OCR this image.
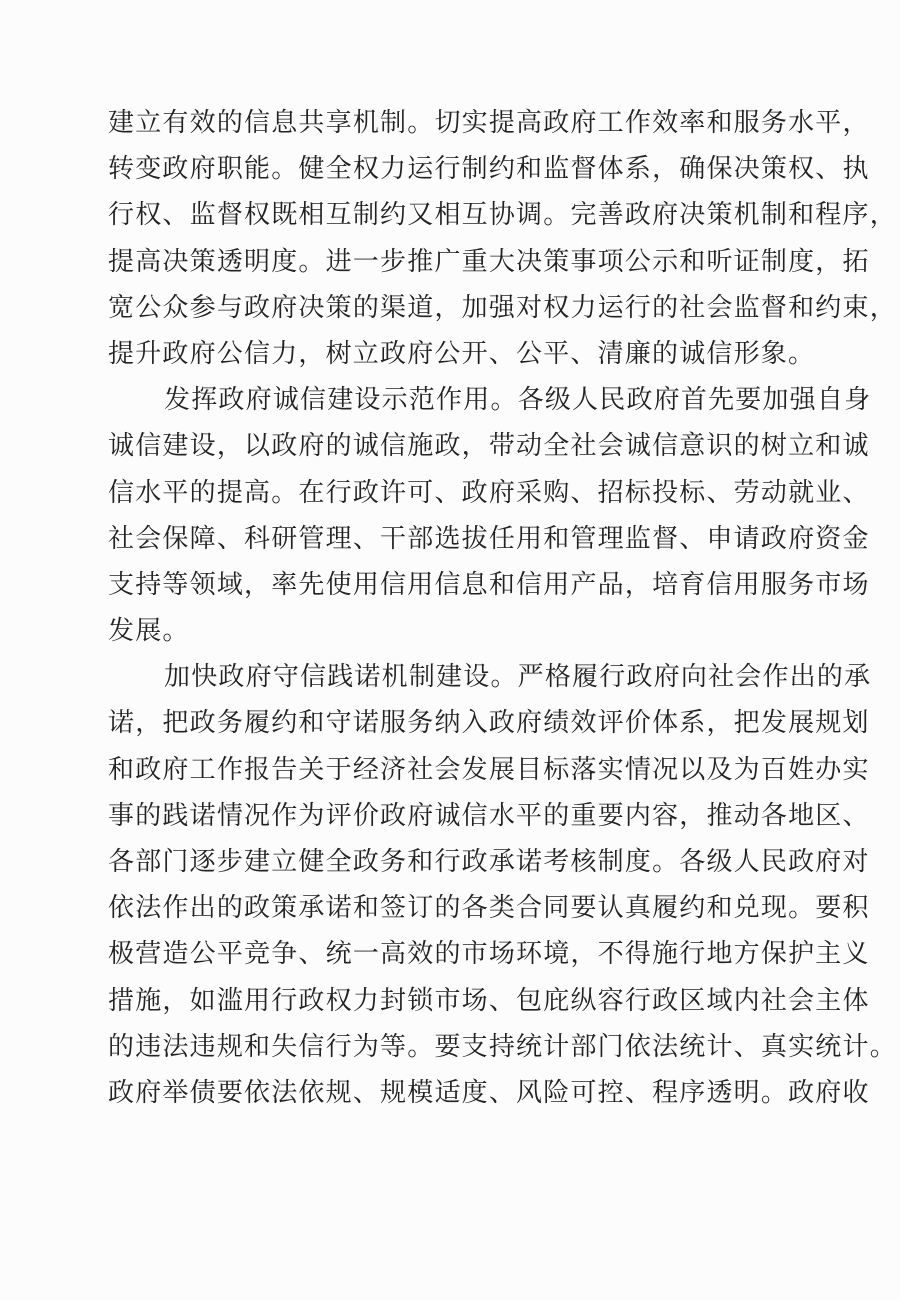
建 立 有 效 的 信 息 共 享 机 制 。 切 实 提 高 政 府 工 作 效 率 和 服 务 水 平 ，
转 变 政 府 职 能 。 健 全 权 力 运 行 制 约 和 监 督 体 系 ， 确 保 决 策 权 、 执
行 权 、 监 督 权 既 相 互 制 约 又 相 互 协 调 。 完 善 政 府 决 策 机 制 和 程 序 ，
提 高 决 策 透 明 度 。 进 一 步 推 广 重 大 决 策 事 项 公 示 和 听 证 制 度 ， 拓
宽 公 众 参 与 政 府 决 策 的 渠 道 ， 加 强 对 权 力 运 行 的 社 会 监 督 和 约 束 ，
提升政府公信力，树立政府公开、公平、清廉的诚信形象。
发 挥 政 府 诚 信 建 设 示 范 作 用 。 各 级 人 民 政 府 首 先 要 加 强 自 身
诚 信 建 设 ， 以 政 府 的 诚 信 施 政 ， 带 动 全 社 会 诚 信 意 识 的 树 立 和 诚
信 水 平 的 提 高 。 在 行 政 许 可 、 政 府 采 购 、 招 标 投 标 、 劳 动 就 业 、
社 会 保 障 、 科 研 管 理 、 干 部 选 拔 任 用 和 管 理 监 督 、 申 请 政 府 资 金
支 持 等 领 域 ， 率 先 使 用 信 用 信 息 和 信 用 产 品 ， 培 育 信 用 服 务 市 场
发展。
加 快 政 府 守 信 践 诺 机 制 建 设 。 严 格 履 行 政 府 向 社 会 作 出 的 承
诺 ， 把 政 务 履 约 和 守 诺 服 务 纳 入 政 府 绩 效 评 价 体 系 ， 把 发 展 规 划
和 政 府 工 作 报 告 关 于 经 济 社 会 发 展 目 标 落 实 情 况 以 及 为 百 姓 办 实
事 的 践 诺 情 况 作 为 评 价 政 府 诚 信 水 平 的 重 要 内 容 ， 推 动 各 地 区 、
各 部 门 逐 步 建 立 健 全 政 务 和 行 政 承 诺 考 核 制 度 。 各 级 人 民 政 府 对
依 法 作 出 的 政 策 承 诺 和 签 订 的 各 类 合 同 要 认 真 履 约 和 兑 现 。 要 积
极 营 造 公 平 竞 争 、 统 一 高 效 的 市 场 环 境 ， 不 得 施 行 地 方 保 护 主 义
措 施 ， 如 滥 用 行 政 权 力 封 锁 市 场 、 包 庇 纵 容 行 政 区 域 内 社 会 主 体
的 违 法 违 规 和 失 信 行 为 等 。 要 支 持 统 计 部 门 依 法 统 计 、 真 实 统 计 。
政 府 举 债 要 依 法 依 规 、 规 模 适 度 、 风 险 可 控 、 程 序 透 明 。 政 府 收
